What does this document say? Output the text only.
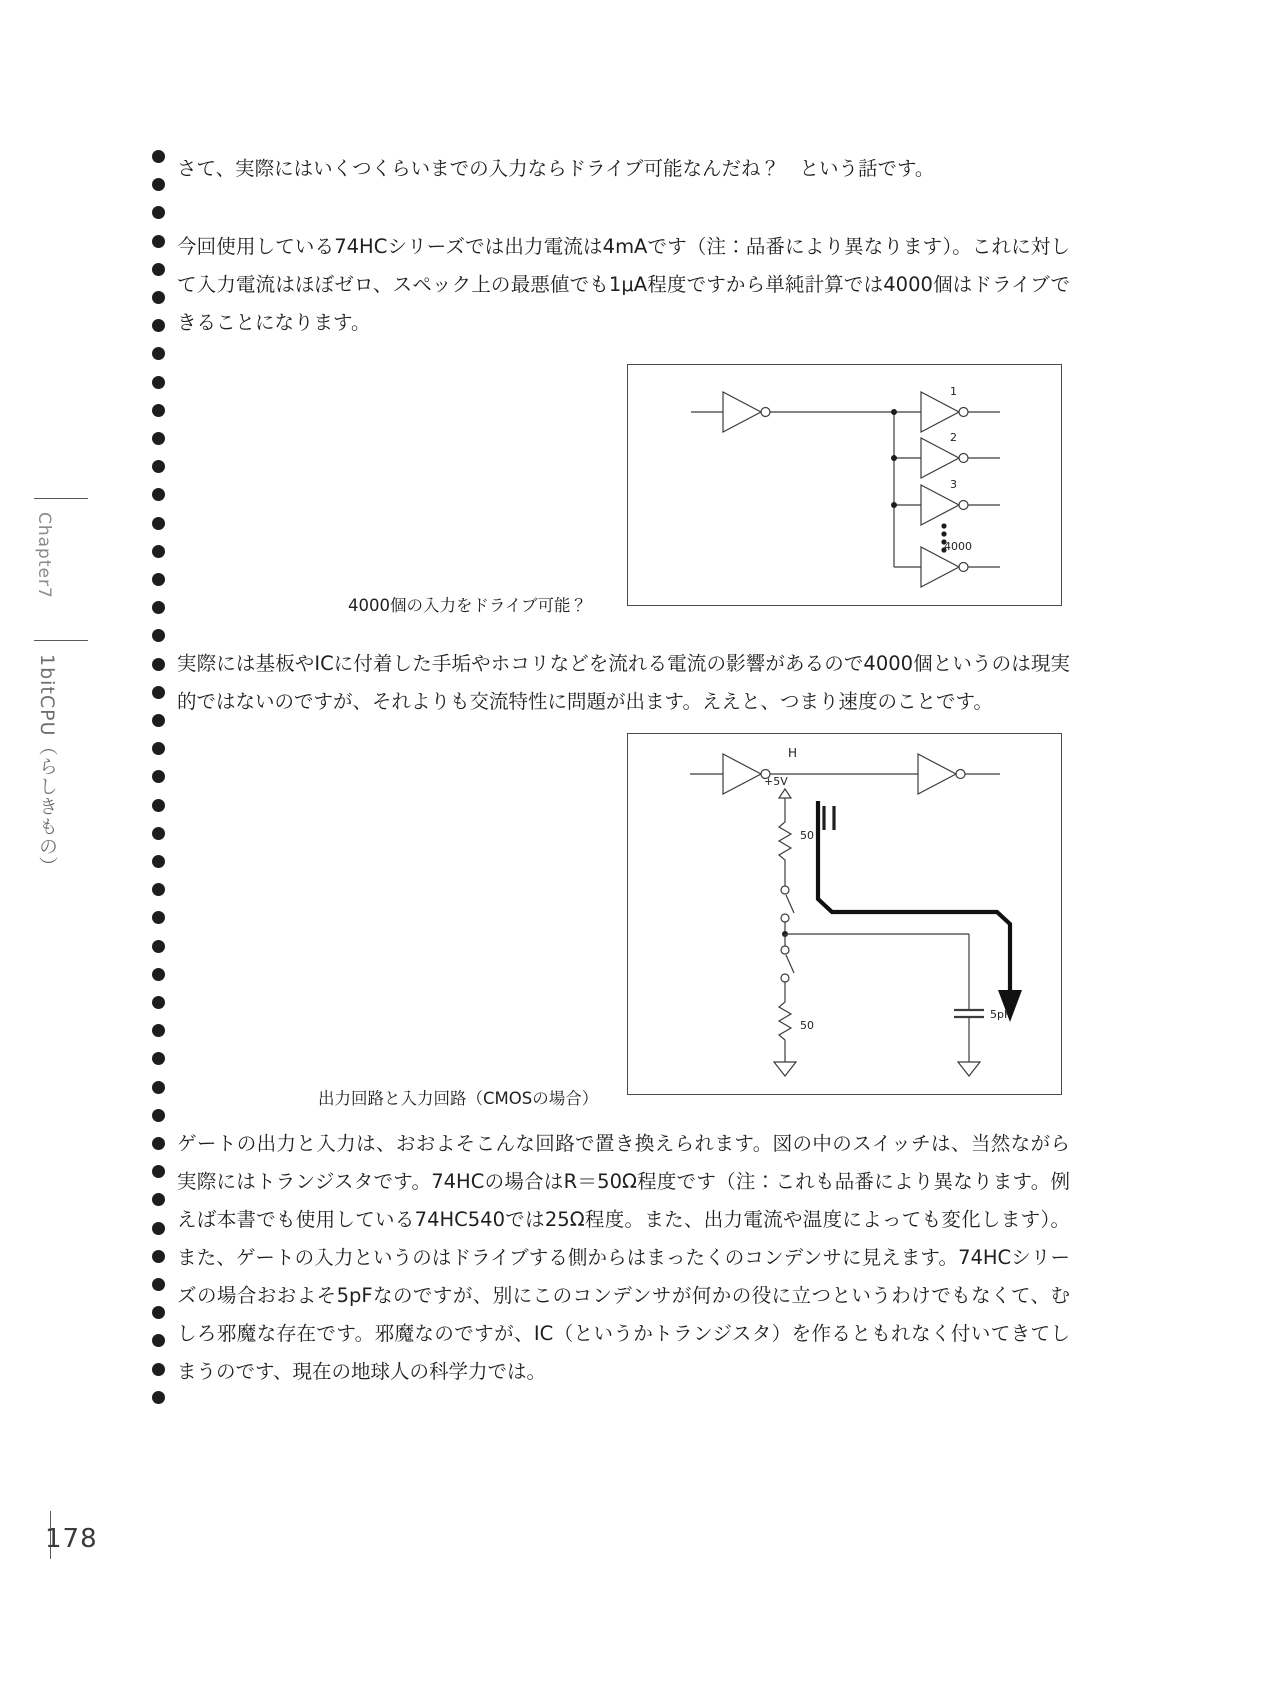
Chapter7
1bitCPU（らしきもの）
さて、実際にはいくつくらいまでの入力ならドライブ可能なんだね？　という話です。
今回使用している74HCシリーズでは出力電流は4mAです（注：品番により異なります）。これに対して入力電流はほぼゼロ、スペック上の最悪値でも1μA程度ですから単純計算では4000個はドライブできることになります。
実際には基板やICに付着した手垢やホコリなどを流れる電流の影響があるので4000個というのは現実的ではないのですが、それよりも交流特性に問題が出ます。ええと、つまり速度のことです。
ゲートの出力と入力は、おおよそこんな回路で置き換えられます。図の中のスイッチは、当然ながら実際にはトランジスタです。74HCの場合はR＝50Ω程度です（注：これも品番により異なります。例えば本書でも使用している74HC540では25Ω程度。また、出力電流や温度によっても変化します）。また、ゲートの入力というのはドライブする側からはまったくのコンデンサに見えます。74HCシリーズの場合おおよそ5pFなのですが、別にこのコンデンサが何かの役に立つというわけでもなくて、むしろ邪魔な存在です。邪魔なのですが、IC（というかトランジスタ）を作るともれなく付いてきてしまうのです、現在の地球人の科学力では。
1
2
3
4000
4000個の入力をドライブ可能？
H
+5V
50
50
5pF
出力回路と入力回路（CMOSの場合）
178
